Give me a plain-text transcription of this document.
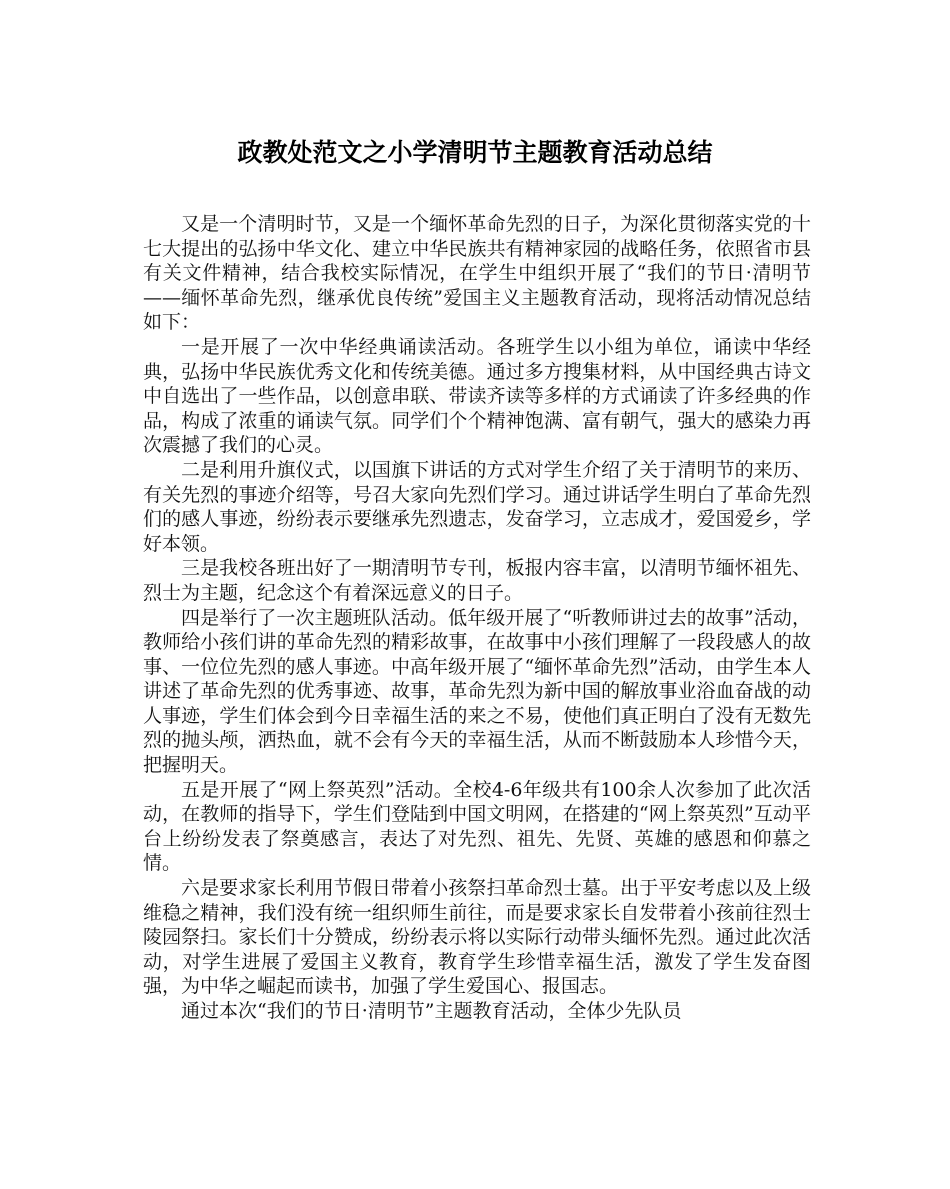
政教处范文之小学清明节主题教育活动总结

又是一个清明时节，又是一个缅怀革命先烈的日子，为深化贯彻落实党的十七大提出的弘扬中华文化、建立中华民族共有精神家园的战略任务，依照省市县有关文件精神，结合我校实际情况，在学生中组织开展了“我们的节日·清明节——缅怀革命先烈，继承优良传统”爱国主义主题教育活动，现将活动情况总结如下：

一是开展了一次中华经典诵读活动。各班学生以小组为单位，诵读中华经典，弘扬中华民族优秀文化和传统美德。通过多方搜集材料，从中国经典古诗文中自选出了一些作品，以创意串联、带读齐读等多样的方式诵读了许多经典的作品，构成了浓重的诵读气氛。同学们个个精神饱满、富有朝气，强大的感染力再次震撼了我们的心灵。

二是利用升旗仪式，以国旗下讲话的方式对学生介绍了关于清明节的来历、有关先烈的事迹介绍等，号召大家向先烈们学习。通过讲话学生明白了革命先烈们的感人事迹，纷纷表示要继承先烈遗志，发奋学习，立志成才，爱国爱乡，学好本领。

三是我校各班出好了一期清明节专刊，板报内容丰富，以清明节缅怀祖先、烈士为主题，纪念这个有着深远意义的日子。

四是举行了一次主题班队活动。低年级开展了“听教师讲过去的故事”活动，教师给小孩们讲的革命先烈的精彩故事，在故事中小孩们理解了一段段感人的故事、一位位先烈的感人事迹。中高年级开展了“缅怀革命先烈”活动，由学生本人讲述了革命先烈的优秀事迹、故事，革命先烈为新中国的解放事业浴血奋战的动人事迹，学生们体会到今日幸福生活的来之不易，使他们真正明白了没有无数先烈的抛头颅，洒热血，就不会有今天的幸福生活，从而不断鼓励本人珍惜今天，把握明天。

五是开展了“网上祭英烈”活动。全校4-6年级共有100余人次参加了此次活动，在教师的指导下，学生们登陆到中国文明网，在搭建的“网上祭英烈”互动平台上纷纷发表了祭奠感言，表达了对先烈、祖先、先贤、英雄的感恩和仰慕之情。

六是要求家长利用节假日带着小孩祭扫革命烈士墓。出于平安考虑以及上级维稳之精神，我们没有统一组织师生前往，而是要求家长自发带着小孩前往烈士陵园祭扫。家长们十分赞成，纷纷表示将以实际行动带头缅怀先烈。通过此次活动，对学生进展了爱国主义教育，教育学生珍惜幸福生活，激发了学生发奋图强，为中华之崛起而读书，加强了学生爱国心、报国志。

通过本次“我们的节日·清明节”主题教育活动，全体少先队员
